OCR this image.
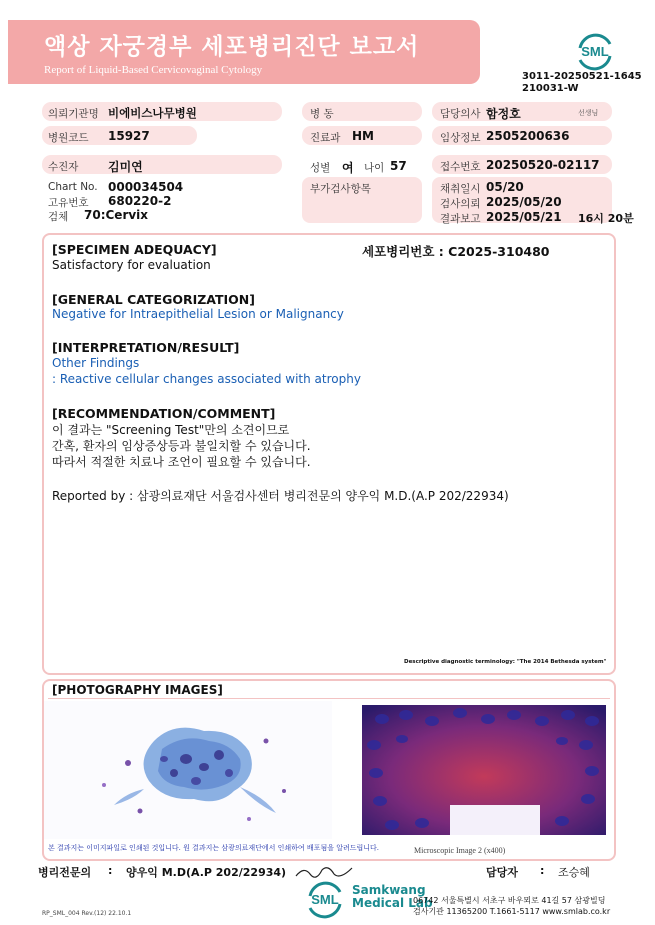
액상 자궁경부 세포병리진단 보고서
Report of Liquid-Based Cervicovaginal Cytology
SML
3011-20250521-1645
210031-W
의뢰기관명 비에비스나무병원	병 동	담당의사 함정호	선생님
병원코드 15927	진료과 HM	임상정보 2505200636
수진자 김미연	성별 여 나이 57	접수번호 20250520-02117
Chart No. 000034504
고유번호 680220-2
검체 70:Cervix
부가검사항목	채취일시 05/20
검사의뢰 2025/05/20
결과보고 2025/05/21 16시 20분
[SPECIMEN ADEQUACY]	세포병리번호 : C2025-310480
Satisfactory for evaluation
[GENERAL CATEGORIZATION]
Negative for Intraepithelial Lesion or Malignancy
[INTERPRETATION/RESULT]
Other Findings
: Reactive cellular changes associated with atrophy
[RECOMMENDATION/COMMENT]
이 결과는 "Screening Test"만의 소견이므로
간혹, 환자의 임상증상등과 불일치할 수 있습니다.
따라서 적절한 치료나 조언이 필요할 수 있습니다.
Reported by : 삼광의료재단 서울검사센터 병리전문의 양우익 M.D.(A.P 202/22934)
Descriptive diagnostic terminology: "The 2014 Bethesda system"
[PHOTOGRAPHY IMAGES]
본 결과지는 이미지파일로 인쇄된 것입니다. 원 결과지는 삼광의료재단에서 인쇄하여 배포됨을 알려드립니다.	Microscopic Image 2 (x400)
병리전문의 : 양우익 M.D(A.P 202/22934)	담당자 : 조승혜
SML
Samkwang
Medical Lab
06742 서울특별시 서초구 바우뫼로 41길 57 삼광빌딩
검사기관 11365200 T.1661-5117 www.smlab.co.kr
RP_SML_004 Rev.(12) 22.10.1
